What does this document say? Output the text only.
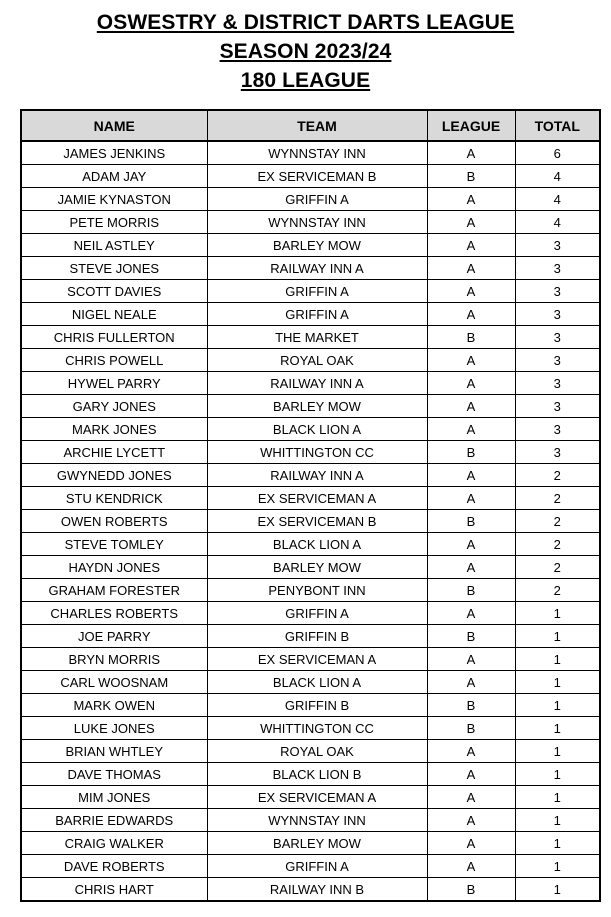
OSWESTRY & DISTRICT DARTS LEAGUE
SEASON 2023/24
180 LEAGUE
NAME	TEAM	LEAGUE	TOTAL
JAMES JENKINS	WYNNSTAY INN	A	6
ADAM JAY	EX SERVICEMAN B	B	4
JAMIE KYNASTON	GRIFFIN A	A	4
PETE MORRIS	WYNNSTAY INN	A	4
NEIL ASTLEY	BARLEY MOW	A	3
STEVE JONES	RAILWAY INN A	A	3
SCOTT DAVIES	GRIFFIN A	A	3
NIGEL NEALE	GRIFFIN A	A	3
CHRIS FULLERTON	THE MARKET	B	3
CHRIS POWELL	ROYAL OAK	A	3
HYWEL PARRY	RAILWAY INN A	A	3
GARY JONES	BARLEY MOW	A	3
MARK JONES	BLACK LION A	A	3
ARCHIE LYCETT	WHITTINGTON CC	B	3
GWYNEDD JONES	RAILWAY INN A	A	2
STU KENDRICK	EX SERVICEMAN A	A	2
OWEN ROBERTS	EX SERVICEMAN B	B	2
STEVE TOMLEY	BLACK LION A	A	2
HAYDN JONES	BARLEY MOW	A	2
GRAHAM FORESTER	PENYBONT INN	B	2
CHARLES ROBERTS	GRIFFIN A	A	1
JOE PARRY	GRIFFIN B	B	1
BRYN MORRIS	EX SERVICEMAN A	A	1
CARL WOOSNAM	BLACK LION A	A	1
MARK OWEN	GRIFFIN B	B	1
LUKE JONES	WHITTINGTON CC	B	1
BRIAN WHTLEY	ROYAL OAK	A	1
DAVE THOMAS	BLACK LION B	A	1
MIM JONES	EX SERVICEMAN A	A	1
BARRIE EDWARDS	WYNNSTAY INN	A	1
CRAIG WALKER	BARLEY MOW	A	1
DAVE ROBERTS	GRIFFIN A	A	1
CHRIS HART	RAILWAY INN B	B	1
